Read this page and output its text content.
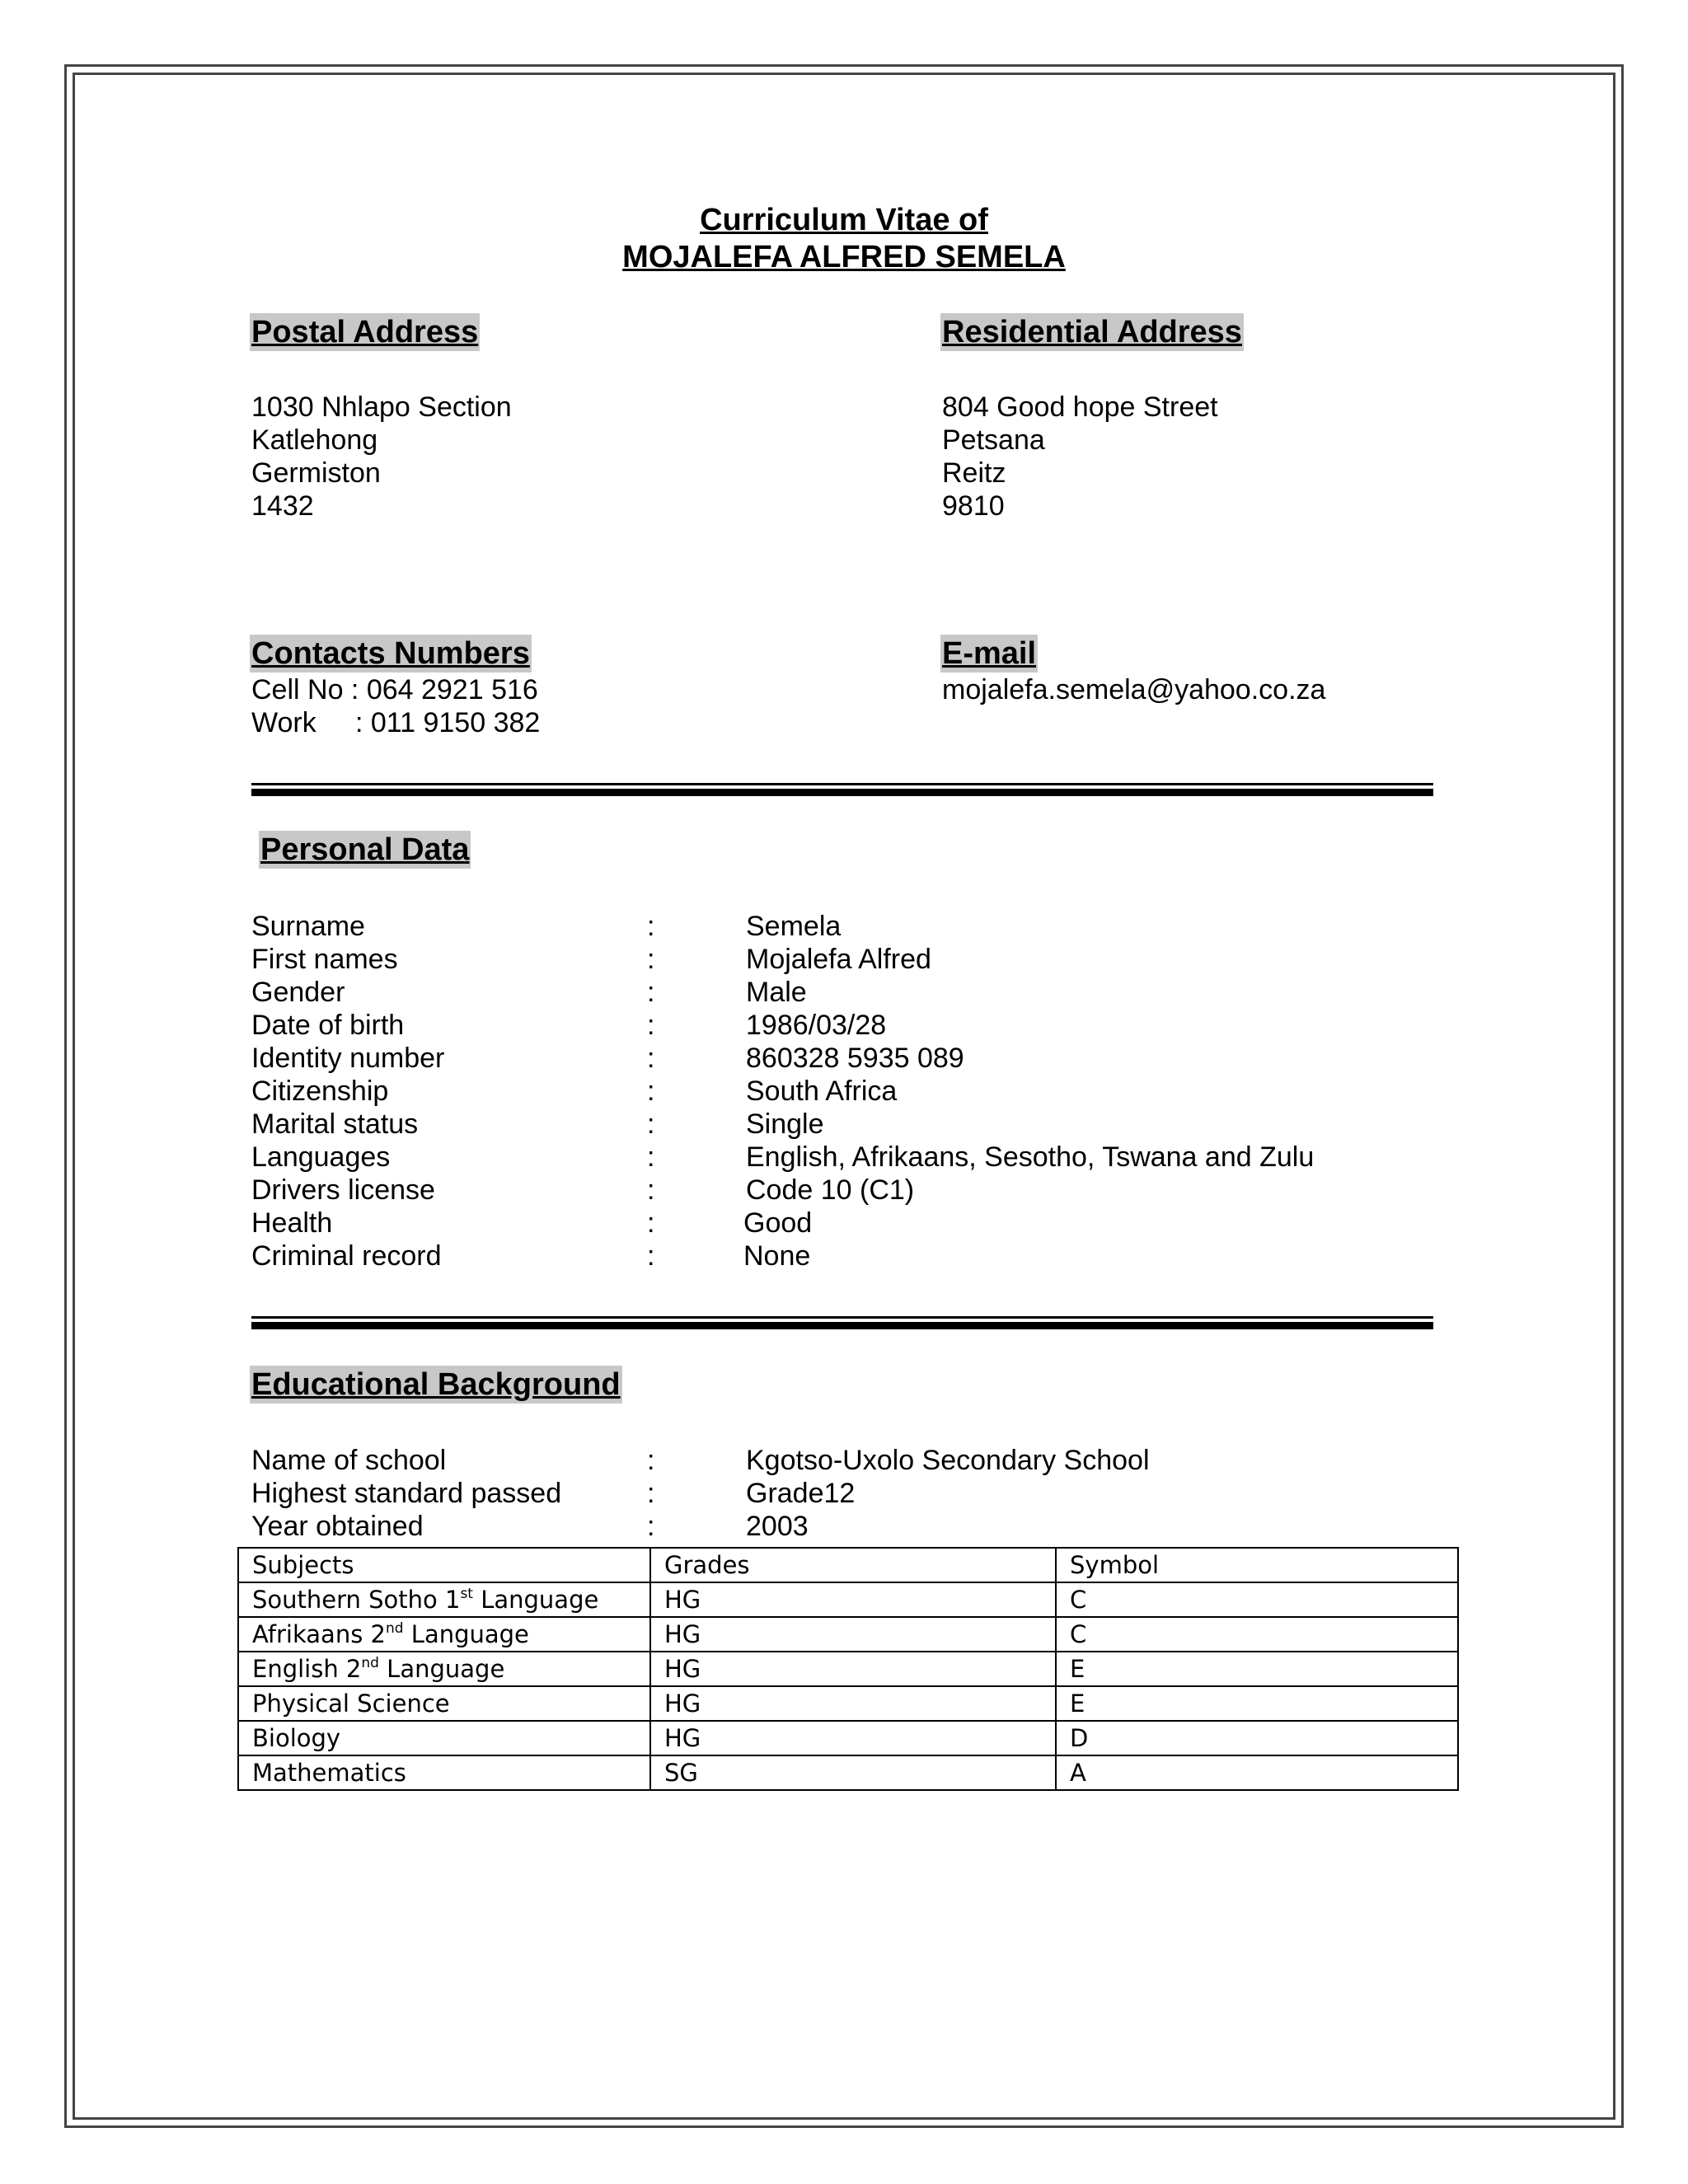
Curriculum Vitae of
MOJALEFA ALFRED SEMELA
Postal Address
1030 Nhlapo Section
Katlehong
Germiston
1432
Residential Address
804 Good hope Street
Petsana
Reitz
9810
Contacts Numbers
Cell No : 064 2921 516
Work     : 011 9150 382
E-mail
mojalefa.semela@yahoo.co.za
Personal Data
Surname	:	Semela
First names	:	Mojalefa Alfred
Gender	:	Male
Date of birth	:	1986/03/28
Identity number	:	860328 5935 089
Citizenship	:	South Africa
Marital status	:	Single
Languages	:	English, Afrikaans, Sesotho, Tswana and Zulu
Drivers license	:	Code 10 (C1)
Health	:	Good
Criminal record	:	None
Educational Background
Name of school	:	Kgotso-Uxolo Secondary School
Highest standard passed	:	Grade12
Year obtained	:	2003
Subjects	Grades	Symbol
Southern Sotho 1st Language	HG	C
Afrikaans 2nd Language	HG	C
English 2nd Language	HG	E
Physical Science	HG	E
Biology	HG	D
Mathematics	SG	A
